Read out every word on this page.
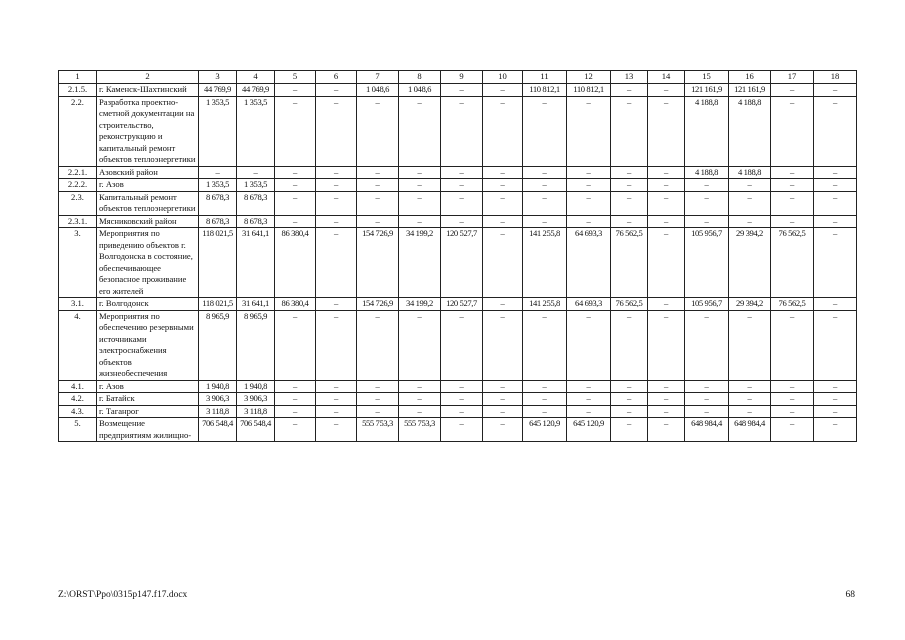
1	2	3	4	5	6	7	8	9	10	11	12	13	14	15	16	17	18
2.1.5.	г. Каменск-Шахтинский	44 769,9	44 769,9	–	–	1 048,6	1 048,6	–	–	110 812,1	110 812,1	–	–	121 161,9	121 161,9	–	–
2.2.	Разработка проектно-сметной документации на строительство, реконструкцию и капитальный ремонт объектов теплоэнергетики	1 353,5	1 353,5	–	–	–	–	–	–	–	–	–	–	4 188,8	4 188,8	–	–
2.2.1.	Азовский район	–	–	–	–	–	–	–	–	–	–	–	–	4 188,8	4 188,8	–	–
2.2.2.	г. Азов	1 353,5	1 353,5	–	–	–	–	–	–	–	–	–	–	–	–	–	–
2.3.	Капитальный ремонт объектов теплоэнергетики	8 678,3	8 678,3	–	–	–	–	–	–	–	–	–	–	–	–	–	–
2.3.1.	Мясниковский район	8 678,3	8 678,3	–	–	–	–	–	–	–	–	–	–	–	–	–	–
3.	Мероприятия по приведению объектов г. Волгодонска в состояние, обеспечивающее безопасное проживание его жителей	118 021,5	31 641,1	86 380,4	–	154 726,9	34 199,2	120 527,7	–	141 255,8	64 693,3	76 562,5	–	105 956,7	29 394,2	76 562,5	–
3.1.	г. Волгодонск	118 021,5	31 641,1	86 380,4	–	154 726,9	34 199,2	120 527,7	–	141 255,8	64 693,3	76 562,5	–	105 956,7	29 394,2	76 562,5	–
4.	Мероприятия по обеспечению резервными источниками электроснабжения объектов жизнеобеспечения	8 965,9	8 965,9	–	–	–	–	–	–	–	–	–	–	–	–	–	–
4.1.	г. Азов	1 940,8	1 940,8	–	–	–	–	–	–	–	–	–	–	–	–	–	–
4.2.	г. Батайск	3 906,3	3 906,3	–	–	–	–	–	–	–	–	–	–	–	–	–	–
4.3.	г. Таганрог	3 118,8	3 118,8	–	–	–	–	–	–	–	–	–	–	–	–	–	–
5.	Возмещение предприятиям жилищно-	706 548,4	706 548,4	–	–	555 753,3	555 753,3	–	–	645 120,9	645 120,9	–	–	648 984,4	648 984,4	–	–
Z:\ORST\Ppo\0315p147.f17.docx	68
